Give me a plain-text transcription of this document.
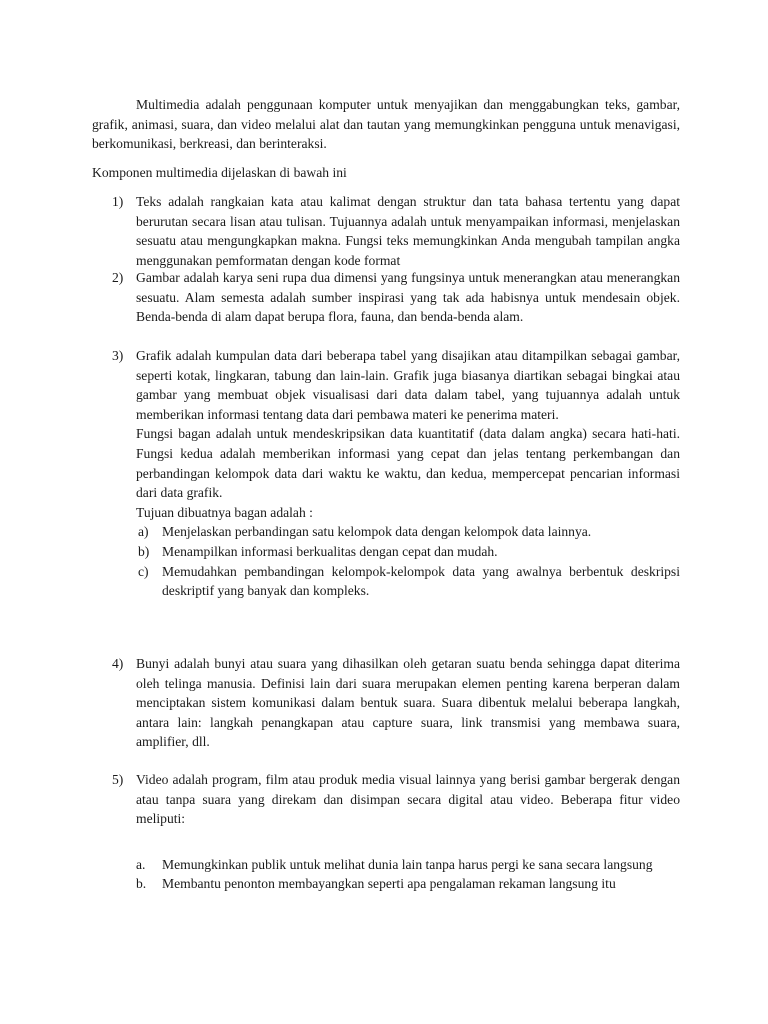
Multimedia adalah penggunaan komputer untuk menyajikan dan menggabungkan teks, gambar, grafik, animasi, suara, dan video melalui alat dan tautan yang memungkinkan pengguna untuk menavigasi, berkomunikasi, berkreasi, dan berinteraksi.

Komponen multimedia dijelaskan di bawah ini

1) Teks adalah rangkaian kata atau kalimat dengan struktur dan tata bahasa tertentu yang dapat berurutan secara lisan atau tulisan. Tujuannya adalah untuk menyampaikan informasi, menjelaskan sesuatu atau mengungkapkan makna. Fungsi teks memungkinkan Anda mengubah tampilan angka menggunakan pemformatan dengan kode format

2) Gambar adalah karya seni rupa dua dimensi yang fungsinya untuk menerangkan atau menerangkan sesuatu. Alam semesta adalah sumber inspirasi yang tak ada habisnya untuk mendesain objek. Benda-benda di alam dapat berupa flora, fauna, dan benda-benda alam.

3) Grafik adalah kumpulan data dari beberapa tabel yang disajikan atau ditampilkan sebagai gambar, seperti kotak, lingkaran, tabung dan lain-lain. Grafik juga biasanya diartikan sebagai bingkai atau gambar yang membuat objek visualisasi dari data dalam tabel, yang tujuannya adalah untuk memberikan informasi tentang data dari pembawa materi ke penerima materi.

Fungsi bagan adalah untuk mendeskripsikan data kuantitatif (data dalam angka) secara hati-hati. Fungsi kedua adalah memberikan informasi yang cepat dan jelas tentang perkembangan dan perbandingan kelompok data dari waktu ke waktu, dan kedua, mempercepat pencarian informasi dari data grafik.

Tujuan dibuatnya bagan adalah :

a) Menjelaskan perbandingan satu kelompok data dengan kelompok data lainnya.
b) Menampilkan informasi berkualitas dengan cepat dan mudah.
c) Memudahkan pembandingan kelompok-kelompok data yang awalnya berbentuk deskripsi deskriptif yang banyak dan kompleks.
4) Bunyi adalah bunyi atau suara yang dihasilkan oleh getaran suatu benda sehingga dapat diterima oleh telinga manusia. Definisi lain dari suara merupakan elemen penting karena berperan dalam menciptakan sistem komunikasi dalam bentuk suara. Suara dibentuk melalui beberapa langkah, antara lain: langkah penangkapan atau capture suara, link transmisi yang membawa suara, amplifier, dll.

5) Video adalah program, film atau produk media visual lainnya yang berisi gambar bergerak dengan atau tanpa suara yang direkam dan disimpan secara digital atau video. Beberapa fitur video meliputi:

a. Memungkinkan publik untuk melihat dunia lain tanpa harus pergi ke sana secara langsung
b. Membantu penonton membayangkan seperti apa pengalaman rekaman langsung itu
